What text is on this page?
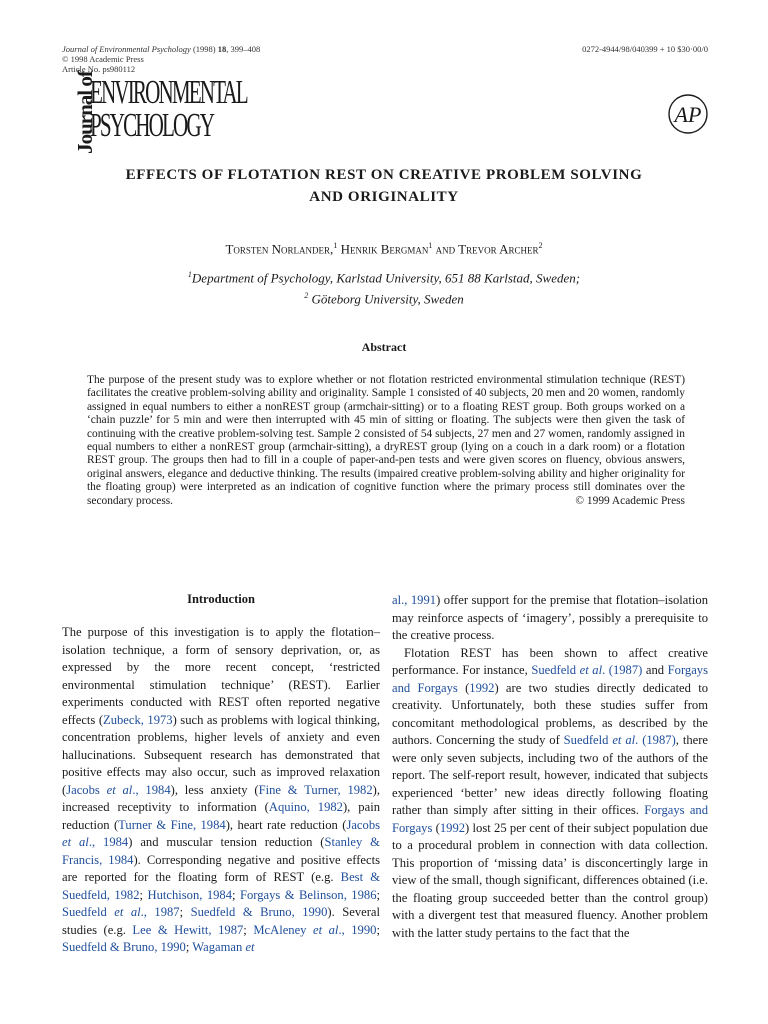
Journal of Environmental Psychology (1998) 18, 399–408
© 1998 Academic Press
Article No. ps980112
0272-4944/98/040399 + 10 $30·00/0
Journal of
ENVIRONMENTAL
PSYCHOLOGY	AP
EFFECTS OF FLOTATION REST ON CREATIVE PROBLEM SOLVING
AND ORIGINALITY
Torsten Norlander,$^1$ Henrik Bergman$^1$ and Trevor Archer$^2$
$^1$Department of Psychology, Karlstad University, 651 88 Karlstad, Sweden;
$^2$ Göteborg University, Sweden
Abstract
The purpose of the present study was to explore whether or not flotation restricted environmental stimulation technique (REST) facilitates the creative problem-solving ability and originality. Sample 1 consisted of 40 subjects, 20 men and 20 women, randomly assigned in equal numbers to either a nonREST group (armchair-sitting) or to a floating REST group. Both groups worked on a ‘chain puzzle’ for 5 min and were then interrupted with 45 min of sitting or floating. The subjects were then given the task of continuing with the creative problem-solving test. Sample 2 consisted of 54 subjects, 27 men and 27 women, randomly assigned in equal numbers to either a nonREST group (armchair-sitting), a dryREST group (lying on a couch in a dark room) or a flotation REST group. The groups then had to fill in a couple of paper-and-pen tests and were given scores on fluency, obvious answers, original answers, elegance and deductive thinking. The results (impaired creative problem-solving ability and higher originality for the floating group) were interpreted as an indication of cognitive function where the primary process still dominates over the secondary process.	© 1999 Academic Press
Introduction

The purpose of this investigation is to apply the flotation–isolation technique, a form of sensory deprivation, or, as expressed by the more recent concept, ‘restricted environmental stimulation technique’ (REST). Earlier experiments conducted with REST often reported negative effects (Zubeck, 1973) such as problems with logical thinking, concentration problems, higher levels of anxiety and even hallucinations. Subsequent research has demonstrated that positive effects may also occur, such as improved relaxation (Jacobs et al., 1984), less anxiety (Fine & Turner, 1982), increased receptivity to information (Aquino, 1982), pain reduction (Turner & Fine, 1984), heart rate reduction (Jacobs et al., 1984) and muscular tension reduction (Stanley & Francis, 1984). Corresponding negative and positive effects are reported for the floating form of REST (e.g. Best & Suedfeld, 1982; Hutchison, 1984; Forgays & Belinson, 1986; Suedfeld et al., 1987; Suedfeld & Bruno, 1990). Several studies (e.g. Lee & Hewitt, 1987; McAleney et al., 1990; Suedfeld & Bruno, 1990; Wagaman et

al., 1991) offer support for the premise that flotation–isolation may reinforce aspects of ‘imagery’, possibly a prerequisite to the creative process.

Flotation REST has been shown to affect creative performance. For instance, Suedfeld et al. (1987) and Forgays and Forgays (1992) are two studies directly dedicated to creativity. Unfortunately, both these studies suffer from concomitant methodological problems, as described by the authors. Concerning the study of Suedfeld et al. (1987), there were only seven subjects, including two of the authors of the report. The self-report result, however, indicated that subjects experienced ‘better’ new ideas directly following floating rather than simply after sitting in their offices. Forgays and Forgays (1992) lost 25 per cent of their subject population due to a procedural problem in connection with data collection. This proportion of ‘missing data’ is disconcertingly large in view of the small, though significant, differences obtained (i.e. the floating group succeeded better than the control group) with a divergent test that measured fluency. Another problem with the latter study pertains to the fact that the
